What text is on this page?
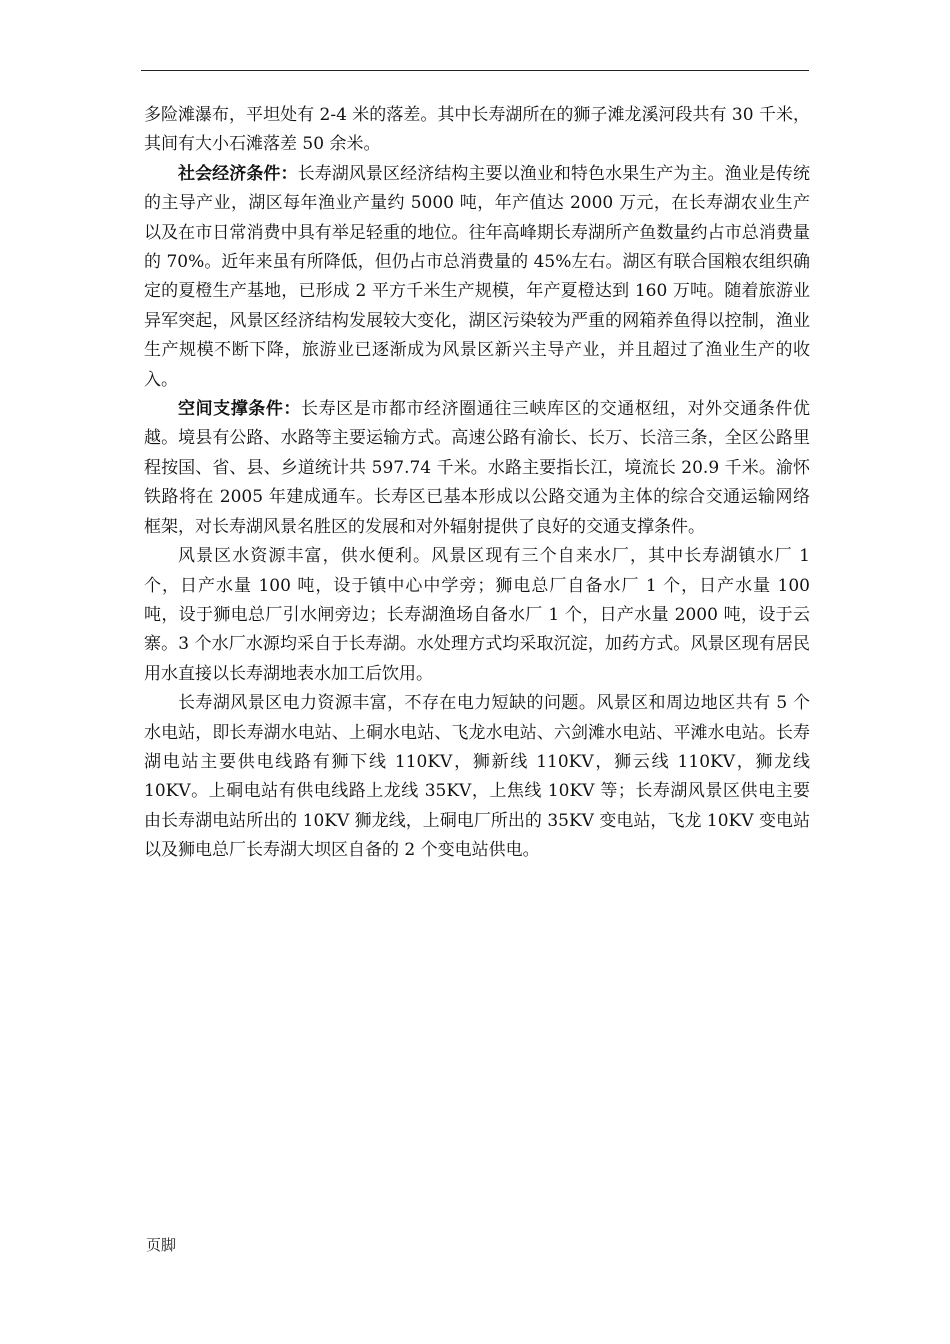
多险滩瀑布，平坦处有 2-4 米的落差。其中长寿湖所在的狮子滩龙溪河段共有 30 千米，其间有大小石滩落差 50 余米。

社会经济条件：长寿湖风景区经济结构主要以渔业和特色水果生产为主。渔业是传统的主导产业，湖区每年渔业产量约 5000 吨，年产值达 2000 万元，在长寿湖农业生产以及在市日常消费中具有举足轻重的地位。往年高峰期长寿湖所产鱼数量约占市总消费量的 70%。近年来虽有所降低，但仍占市总消费量的 45%左右。湖区有联合国粮农组织确定的夏橙生产基地，已形成 2 平方千米生产规模，年产夏橙达到 160 万吨。随着旅游业异军突起，风景区经济结构发展较大变化，湖区污染较为严重的网箱养鱼得以控制，渔业生产规模不断下降，旅游业已逐渐成为风景区新兴主导产业，并且超过了渔业生产的收入。

空间支撑条件：长寿区是市都市经济圈通往三峡库区的交通枢纽，对外交通条件优越。境县有公路、水路等主要运输方式。高速公路有渝长、长万、长涪三条，全区公路里程按国、省、县、乡道统计共 597.74 千米。水路主要指长江，境流长 20.9 千米。渝怀铁路将在 2005 年建成通车。长寿区已基本形成以公路交通为主体的综合交通运输网络框架，对长寿湖风景名胜区的发展和对外辐射提供了良好的交通支撑条件。

风景区水资源丰富，供水便利。风景区现有三个自来水厂，其中长寿湖镇水厂 1 个，日产水量 100 吨，设于镇中心中学旁；狮电总厂自备水厂 1 个，日产水量 100 吨，设于狮电总厂引水闸旁边；长寿湖渔场自备水厂 1 个，日产水量 2000 吨，设于云寨。3 个水厂水源均采自于长寿湖。水处理方式均采取沉淀，加药方式。风景区现有居民用水直接以长寿湖地表水加工后饮用。

长寿湖风景区电力资源丰富，不存在电力短缺的问题。风景区和周边地区共有 5 个水电站，即长寿湖水电站、上硐水电站、飞龙水电站、六剑滩水电站、平滩水电站。长寿湖电站主要供电线路有狮下线 110KV，狮新线 110KV，狮云线 110KV，狮龙线 10KV。上硐电站有供电线路上龙线 35KV，上焦线 10KV 等；长寿湖风景区供电主要由长寿湖电站所出的 10KV 狮龙线，上硐电厂所出的 35KV 变电站，飞龙 10KV 变电站以及狮电总厂长寿湖大坝区自备的 2 个变电站供电。

页脚
